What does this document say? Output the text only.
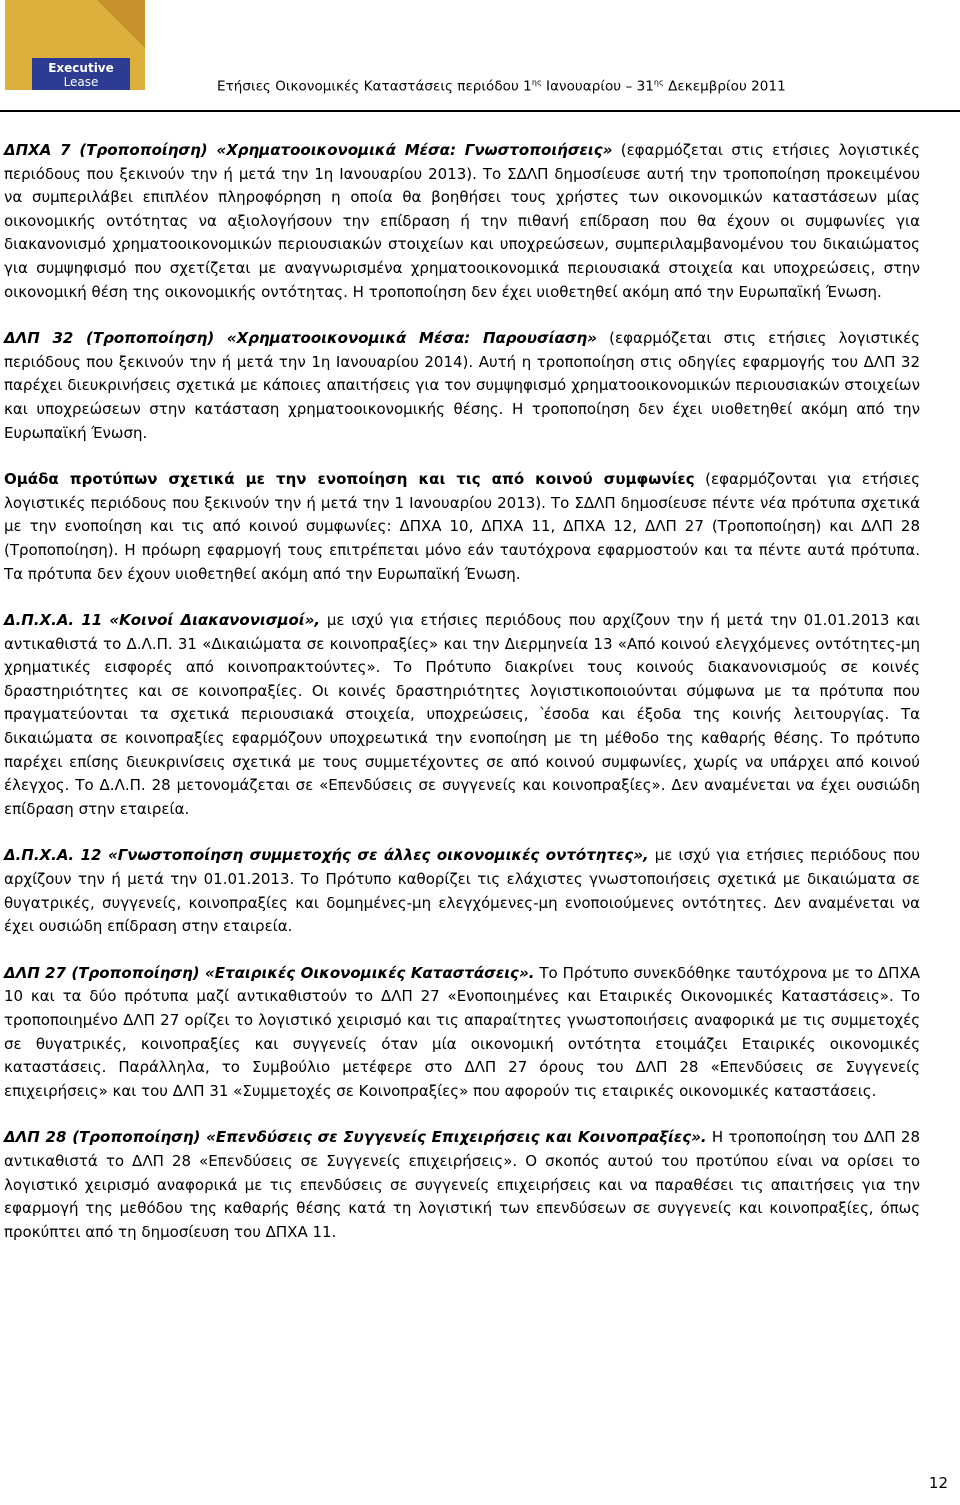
Executive
Lease	Ετήσιες Οικονομικές Καταστάσεις περιόδου $1^{\eta\varsigma}$ Ιανουαρίου – $31^{\eta\varsigma}$ Δεκεμβρίου 2011

ΔΠΧΑ 7 (Τροποποίηση) «Χρηματοοικονομικά Μέσα: Γνωστοποιήσεις» (εφαρμόζεται στις ετήσιες λογιστικές περιόδους που ξεκινούν την ή μετά την 1η Ιανουαρίου 2013). Το ΣΔΛΠ δημοσίευσε αυτή την τροποποίηση προκειμένου να συμπεριλάβει επιπλέον πληροφόρηση η οποία θα βοηθήσει τους χρήστες των οικονομικών καταστάσεων μίας οικονομικής οντότητας να αξιολογήσουν την επίδραση ή την πιθανή επίδραση που θα έχουν οι συμφωνίες για διακανονισμό χρηματοοικονομικών περιουσιακών στοιχείων και υποχρεώσεων, συμπεριλαμβανομένου του δικαιώματος για συμψηφισμό που σχετίζεται με αναγνωρισμένα χρηματοοικονομικά περιουσιακά στοιχεία και υποχρεώσεις, στην οικονομική θέση της οικονομικής οντότητας. Η τροποποίηση δεν έχει υιοθετηθεί ακόμη από την Ευρωπαϊκή Ένωση.

ΔΛΠ 32 (Τροποποίηση) «Χρηματοοικονομικά Μέσα: Παρουσίαση» (εφαρμόζεται στις ετήσιες λογιστικές περιόδους που ξεκινούν την ή μετά την 1η Ιανουαρίου 2014). Αυτή η τροποποίηση στις οδηγίες εφαρμογής του ΔΛΠ 32 παρέχει διευκρινήσεις σχετικά με κάποιες απαιτήσεις για τον συμψηφισμό χρηματοοικονομικών περιουσιακών στοιχείων και υποχρεώσεων στην κατάσταση χρηματοοικονομικής θέσης. Η τροποποίηση δεν έχει υιοθετηθεί ακόμη από την Ευρωπαϊκή Ένωση.

Ομάδα προτύπων σχετικά με την ενοποίηση και τις από κοινού συμφωνίες (εφαρμόζονται για ετήσιες λογιστικές περιόδους που ξεκινούν την ή μετά την 1 Ιανουαρίου 2013). Το ΣΔΛΠ δημοσίευσε πέντε νέα πρότυπα σχετικά με την ενοποίηση και τις από κοινού συμφωνίες: ΔΠΧΑ 10, ΔΠΧΑ 11, ΔΠΧΑ 12, ΔΛΠ 27 (Τροποποίηση) και ΔΛΠ 28 (Τροποποίηση). Η πρόωρη εφαρμογή τους επιτρέπεται μόνο εάν ταυτόχρονα εφαρμοστούν και τα πέντε αυτά πρότυπα. Τα πρότυπα δεν έχουν υιοθετηθεί ακόμη από την Ευρωπαϊκή Ένωση.

Δ.Π.Χ.Α. 11 «Κοινοί Διακανονισμοί», με ισχύ για ετήσιες περιόδους που αρχίζουν την ή μετά την 01.01.2013 και αντικαθιστά το Δ.Λ.Π. 31 «Δικαιώματα σε κοινοπραξίες» και την Διερμηνεία 13 «Από κοινού ελεγχόμενες οντότητες-μη χρηματικές εισφορές από κοινοπρακτούντες». Το Πρότυπο διακρίνει τους κοινούς διακανονισμούς σε κοινές δραστηριότητες και σε κοινοπραξίες. Οι κοινές δραστηριότητες λογιστικοποιούνται σύμφωνα με τα πρότυπα που πραγματεύονται τα σχετικά περιουσιακά στοιχεία, υποχρεώσεις, ՝έσοδα και έξοδα της κοινής λειτουργίας. Τα δικαιώματα σε κοινοπραξίες εφαρμόζουν υποχρεωτικά την ενοποίηση με τη μέθοδο της καθαρής θέσης. Το πρότυπο παρέχει επίσης διευκρινίσεις σχετικά με τους συμμετέχοντες σε από κοινού συμφωνίες, χωρίς να υπάρχει από κοινού έλεγχος. Το Δ.Λ.Π. 28 μετονομάζεται σε «Επενδύσεις σε συγγενείς και κοινοπραξίες». Δεν αναμένεται να έχει ουσιώδη επίδραση στην εταιρεία.

Δ.Π.Χ.Α. 12 «Γνωστοποίηση συμμετοχής σε άλλες οικονομικές οντότητες», με ισχύ για ετήσιες περιόδους που αρχίζουν την ή μετά την 01.01.2013. Το Πρότυπο καθορίζει τις ελάχιστες γνωστοποιήσεις σχετικά με δικαιώματα σε θυγατρικές, συγγενείς, κοινοπραξίες και δομημένες-μη ελεγχόμενες-μη ενοποιούμενες οντότητες. Δεν αναμένεται να έχει ουσιώδη επίδραση στην εταιρεία.

ΔΛΠ 27 (Τροποποίηση) «Εταιρικές Οικονομικές Καταστάσεις». Το Πρότυπο συνεκδόθηκε ταυτόχρονα με το ΔΠΧΑ 10 και τα δύο πρότυπα μαζί αντικαθιστούν το ΔΛΠ 27 «Ενοποιημένες και Εταιρικές Οικονομικές Καταστάσεις». Το τροποποιημένο ΔΛΠ 27 ορίζει το λογιστικό χειρισμό και τις απαραίτητες γνωστοποιήσεις αναφορικά με τις συμμετοχές σε θυγατρικές, κοινοπραξίες και συγγενείς όταν μία οικονομική οντότητα ετοιμάζει Εταιρικές οικονομικές καταστάσεις. Παράλληλα, το Συμβούλιο μετέφερε στο ΔΛΠ 27 όρους του ΔΛΠ 28 «Επενδύσεις σε Συγγενείς επιχειρήσεις» και του ΔΛΠ 31 «Συμμετοχές σε Κοινοπραξίες» που αφορούν τις εταιρικές οικονομικές καταστάσεις.

ΔΛΠ 28 (Τροποποίηση) «Επενδύσεις σε Συγγενείς Επιχειρήσεις και Κοινοπραξίες». Η τροποποίηση του ΔΛΠ 28 αντικαθιστά το ΔΛΠ 28 «Επενδύσεις σε Συγγενείς επιχειρήσεις». Ο σκοπός αυτού του προτύπου είναι να ορίσει το λογιστικό χειρισμό αναφορικά με τις επενδύσεις σε συγγενείς επιχειρήσεις και να παραθέσει τις απαιτήσεις για την εφαρμογή της μεθόδου της καθαρής θέσης κατά τη λογιστική των επενδύσεων σε συγγενείς και κοινοπραξίες, όπως προκύπτει από τη δημοσίευση του ΔΠΧΑ 11.

12
